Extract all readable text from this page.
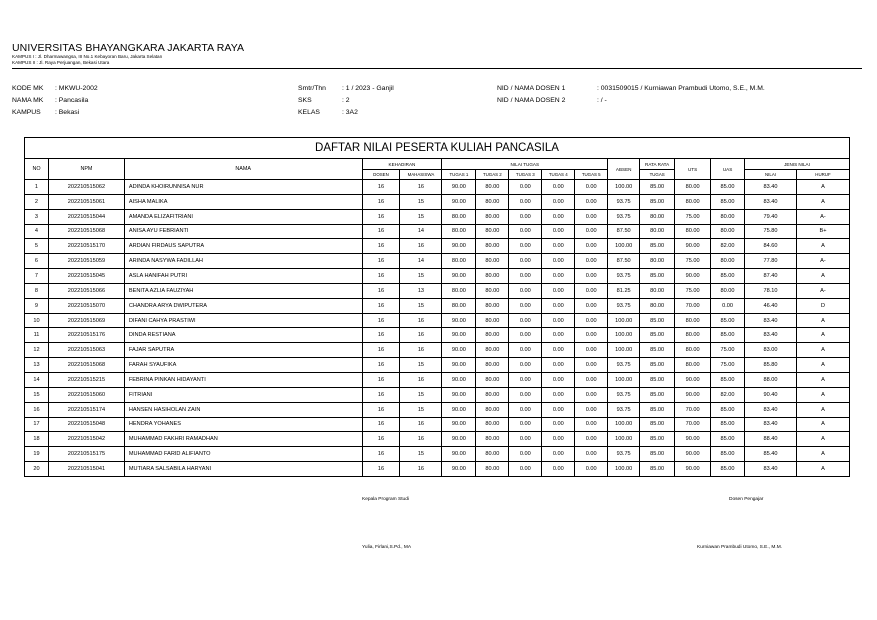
UNIVERSITAS BHAYANGKARA JAKARTA RAYA
KAMPUS I : Jl. Dharmawangsa, III No.1 Kebayoran Baru, Jakarta Selatan
KAMPUS II : Jl. Raya Perjuangan, Bekasi Utara
KODE MK : MKWU-2002
NAMA MK : Pancasila
KAMPUS : Bekasi
Smtr/Thn : 1 / 2023 - Ganjil
SKS	: 2
KELAS	: 3A2
NID / NAMA DOSEN 1	: 0031509015 / Kurniawan Prambudi Utomo, S.E., M.M.
NID / NAMA DOSEN 2	: / -
DAFTAR NILAI PESERTA KULIAH PANCASILA															
NO	NPM	NAMA	KEHADIRAN		NILAI TUGAS					ABSEN	RATA RATA	UTS	UAS	JENIS NILAI	
			DOSEN	MAHASISWA	TUGAS 1	TUGAS 2	TUGAS 3	TUGAS 4	TUGAS 5		TUGAS			NILAI	HURUF
1	202210515062	ADINDA KHOIRUNNISA NUR	16	16	90.00	80.00	0.00	0.00	0.00	100.00	85.00	80.00	85.00	83.40	A
2	202210515061	AISHA MALIKA	16	15	90.00	80.00	0.00	0.00	0.00	93.75	85.00	80.00	85.00	83.40	A
3	202210515044	AMANDA ELIZAFITRIANI	16	15	80.00	80.00	0.00	0.00	0.00	93.75	80.00	75.00	80.00	79.40	A-
4	202210515068	ANISA AYU FEBRIANTI	16	14	80.00	80.00	0.00	0.00	0.00	87.50	80.00	80.00	80.00	75.80	B+
5	202210515170	ARDIAN FIRDAUS SAPUTRA	16	16	90.00	80.00	0.00	0.00	0.00	100.00	85.00	90.00	82.00	84.60	A
6	202210515059	ARINDA NASYWA FADILLAH	16	14	80.00	80.00	0.00	0.00	0.00	87.50	80.00	75.00	80.00	77.80	A-
7	202210515045	ASLA HANIFAH PUTRI	16	15	90.00	80.00	0.00	0.00	0.00	93.75	85.00	90.00	85.00	87.40	A
8	202210515066	BENITA AZLIA FAUZIYAH	16	13	80.00	80.00	0.00	0.00	0.00	81.25	80.00	75.00	80.00	78.10	A-
9	202210515070	CHANDRA ARYA DWIPUTERA	16	15	80.00	80.00	0.00	0.00	0.00	93.75	80.00	70.00	0.00	46.40	D
10	202210515069	DIFANI CAHYA PRASTIWI	16	16	90.00	80.00	0.00	0.00	0.00	100.00	85.00	80.00	85.00	83.40	A
11	202210515176	DINDA RESTIANA	16	16	90.00	80.00	0.00	0.00	0.00	100.00	85.00	80.00	85.00	83.40	A
12	202210515063	FAJAR SAPUTRA	16	16	90.00	80.00	0.00	0.00	0.00	100.00	85.00	80.00	75.00	83.00	A
13	202210515068	FARAH SYAUFIKA	16	15	90.00	80.00	0.00	0.00	0.00	93.75	85.00	80.00	75.00	85.80	A
14	202210515215	FEBRINA PINKAN HIDAYANTI	16	16	90.00	80.00	0.00	0.00	0.00	100.00	85.00	90.00	85.00	88.00	A
15	202210515060	FITRIANI	16	15	90.00	80.00	0.00	0.00	0.00	93.75	85.00	90.00	82.00	90.40	A
16	202210515174	HANSEN HASIHOLAN ZAIN	16	15	90.00	80.00	0.00	0.00	0.00	93.75	85.00	70.00	85.00	83.40	A
17	202210515048	HENDRA YOHANES	16	16	90.00	80.00	0.00	0.00	0.00	100.00	85.00	70.00	85.00	83.40	A
18	202210515042	MUHAMMAD FAKHRI RAMADHAN	16	16	90.00	80.00	0.00	0.00	0.00	100.00	85.00	90.00	85.00	88.40	A
19	202210515175	MUHAMMAD FARID ALIFIANTO	16	15	90.00	80.00	0.00	0.00	0.00	93.75	85.00	90.00	85.00	85.40	A
20	202210515041	MUTIARA SALSABILA HARYANI	16	16	90.00	80.00	0.00	0.00	0.00	100.00	85.00	90.00	85.00	83.40	A
Kepala Program Studi	Dosen Pengajar
Yulia, Firlani,S.Pd., MA	Kurniawan Prambudi Utomo, S.E., M.M.
